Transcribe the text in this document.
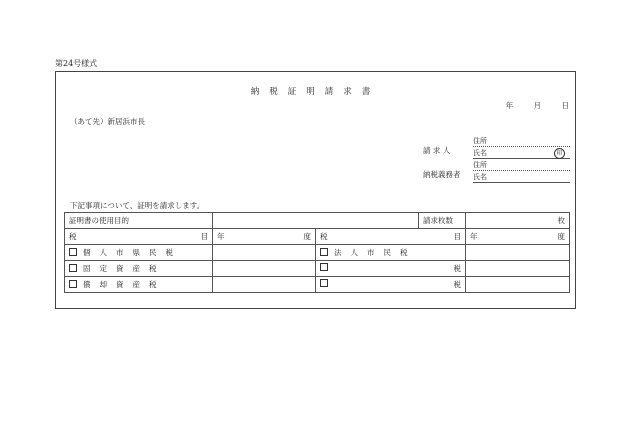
第24号様式
納税証明請求書
年	月	日
（あて先）新居浜市長
請 求 人
住所
氏名	印
納税義務者
住所
氏名
下記事項について、証明を請求します。
証明書の使用目的			請求枚数	枚
税 目	年 度	税 目		年 度

個人市県民税		法人市民税		
固定資産税		税		

償却資産税		税		
